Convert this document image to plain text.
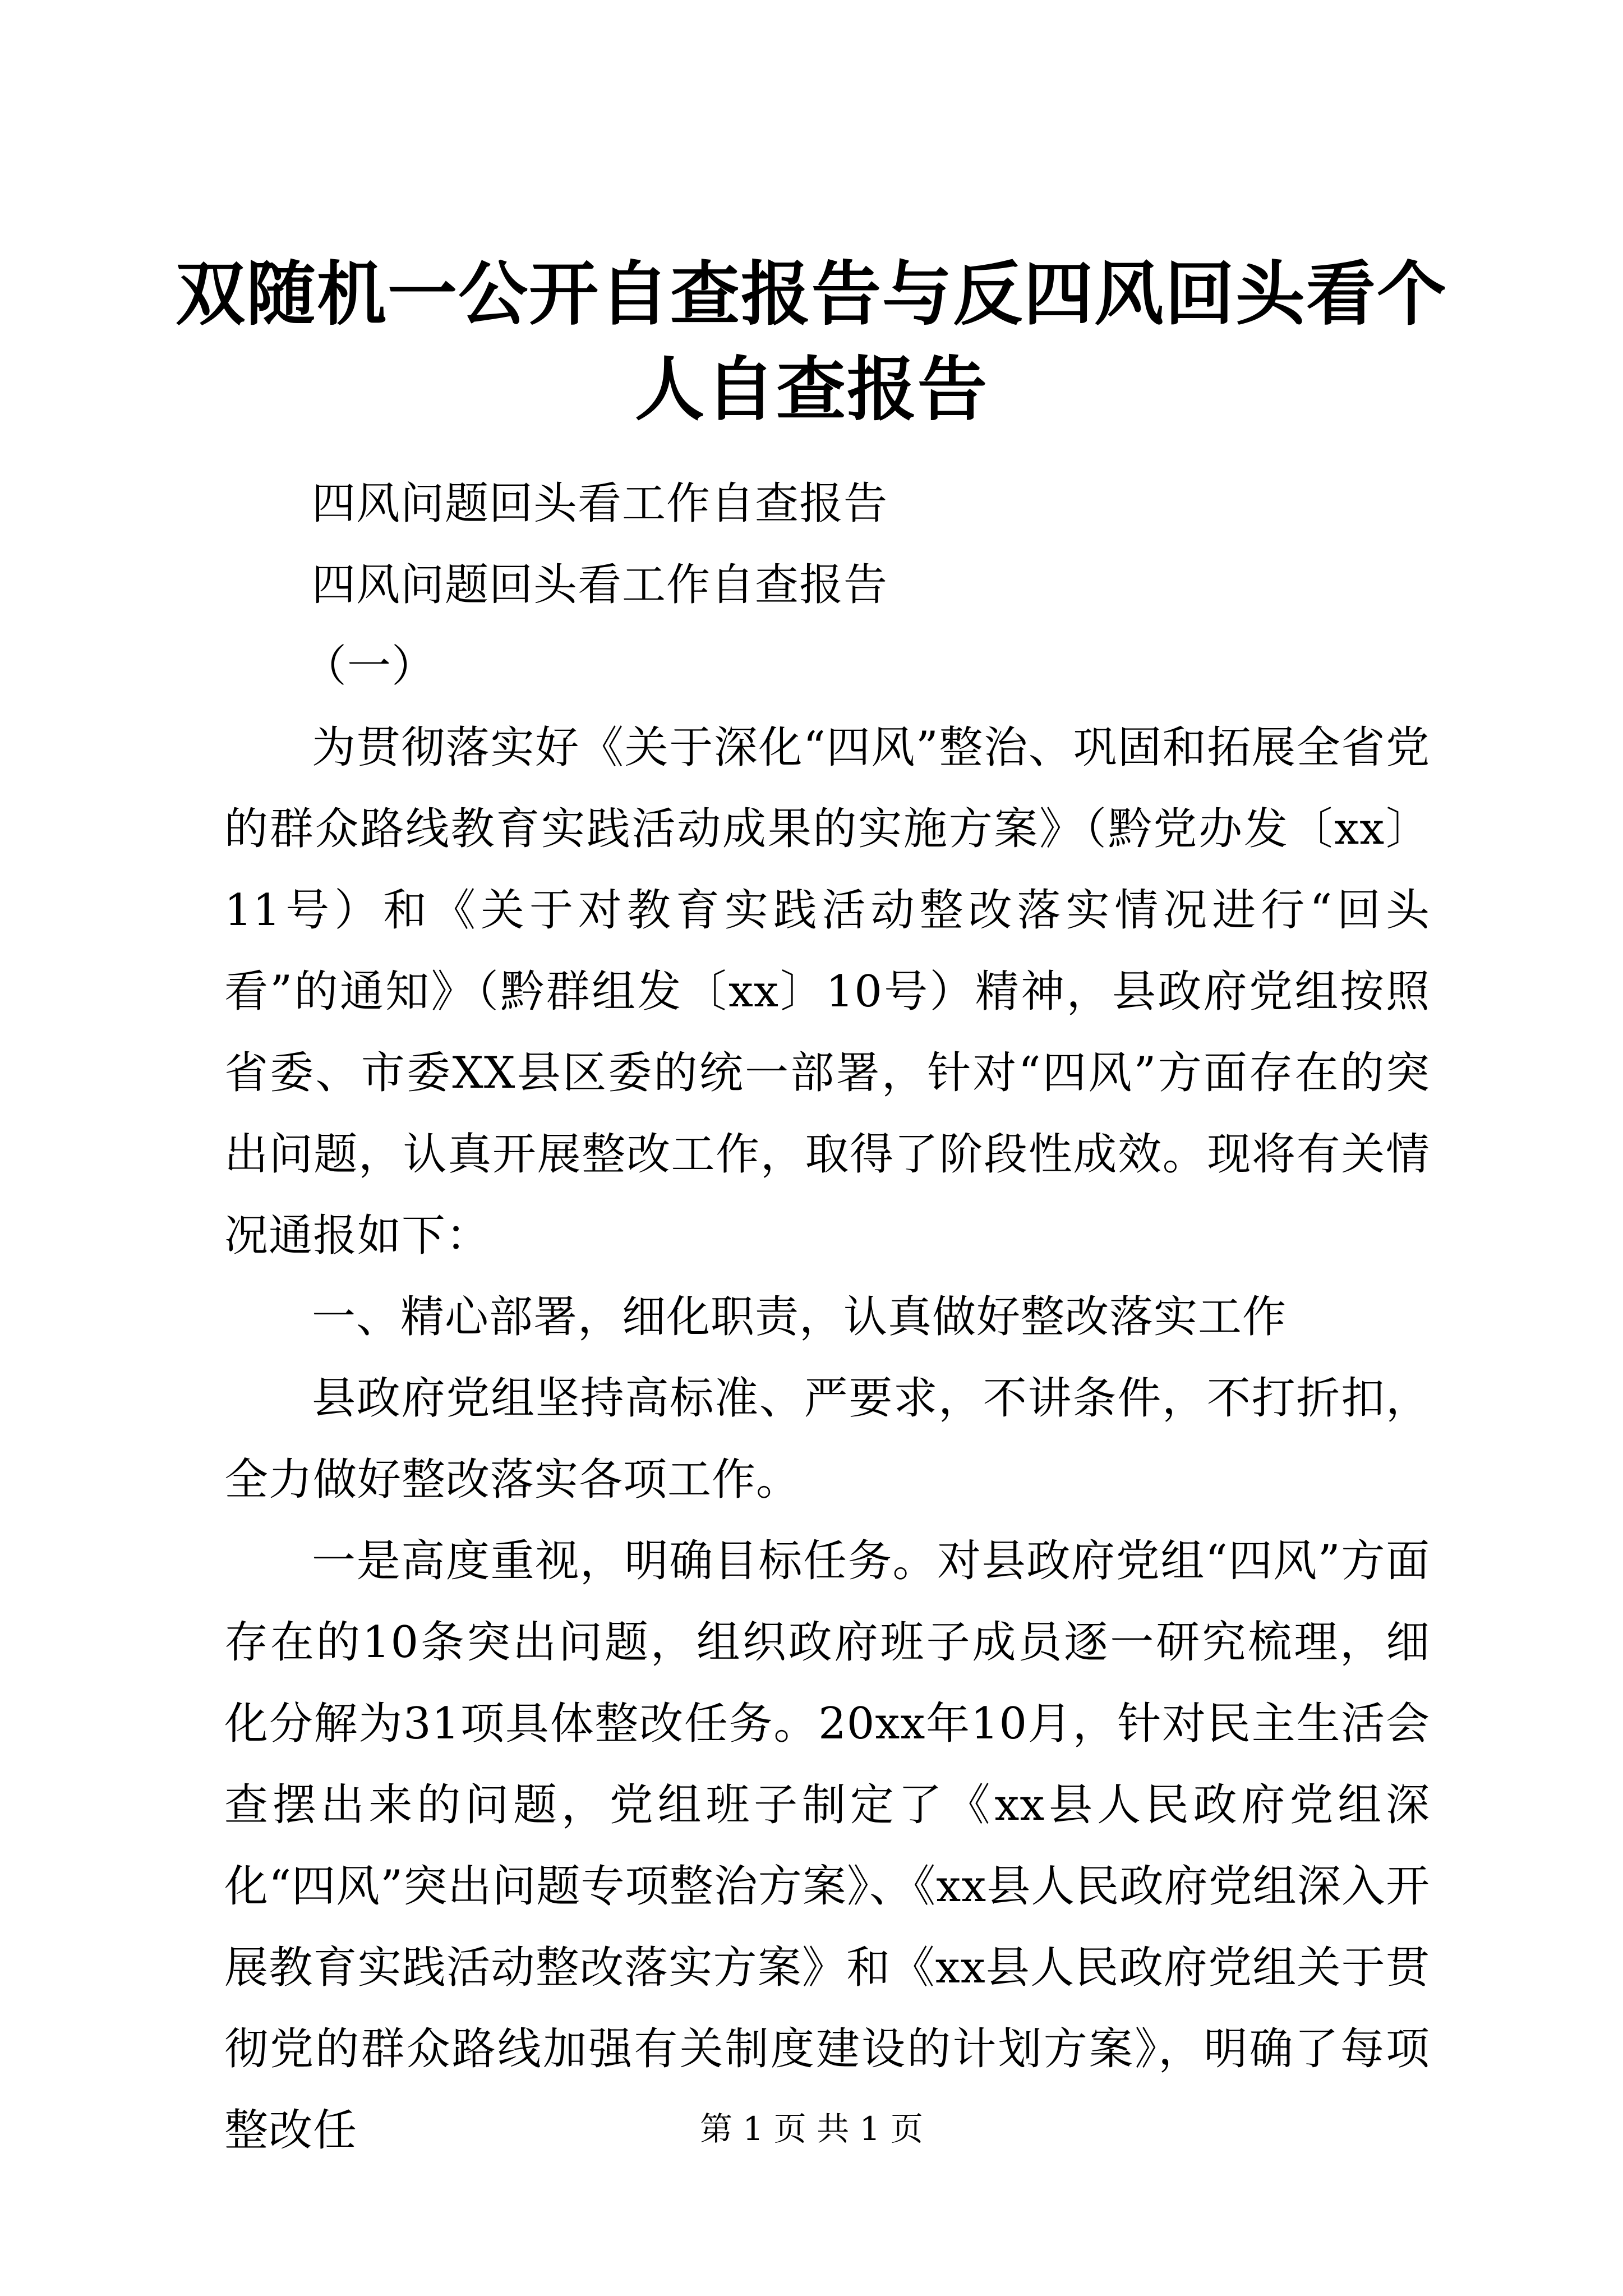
双随机一公开自查报告与反四风回头看个人自查报告

四风问题回头看工作自查报告

四风问题回头看工作自查报告

（一）

为贯彻落实好《关于深化“四风”整治、巩固和拓展全省党的群众路线教育实践活动成果的实施方案》（黔党办发〔xx〕11号）和《关于对教育实践活动整改落实情况进行“回头看”的通知》（黔群组发〔xx〕10号）精神，县政府党组按照省委、市委XX县区委的统一部署，针对“四风”方面存在的突出问题，认真开展整改工作，取得了阶段性成效。现将有关情况通报如下：

一、精心部署，细化职责，认真做好整改落实工作

县政府党组坚持高标准、严要求，不讲条件，不打折扣，全力做好整改落实各项工作。

一是高度重视，明确目标任务。对县政府党组“四风”方面存在的10条突出问题，组织政府班子成员逐一研究梳理，细化分解为31项具体整改任务。20xx年10月，针对民主生活会查摆出来的问题，党组班子制定了《xx县人民政府党组深化“四风”突出问题专项整治方案》、《xx县人民政府党组深入开展教育实践活动整改落实方案》和《xx县人民政府党组关于贯彻党的群众路线加强有关制度建设的计划方案》，明确了每项整改任	第 1 页 共 1 页
